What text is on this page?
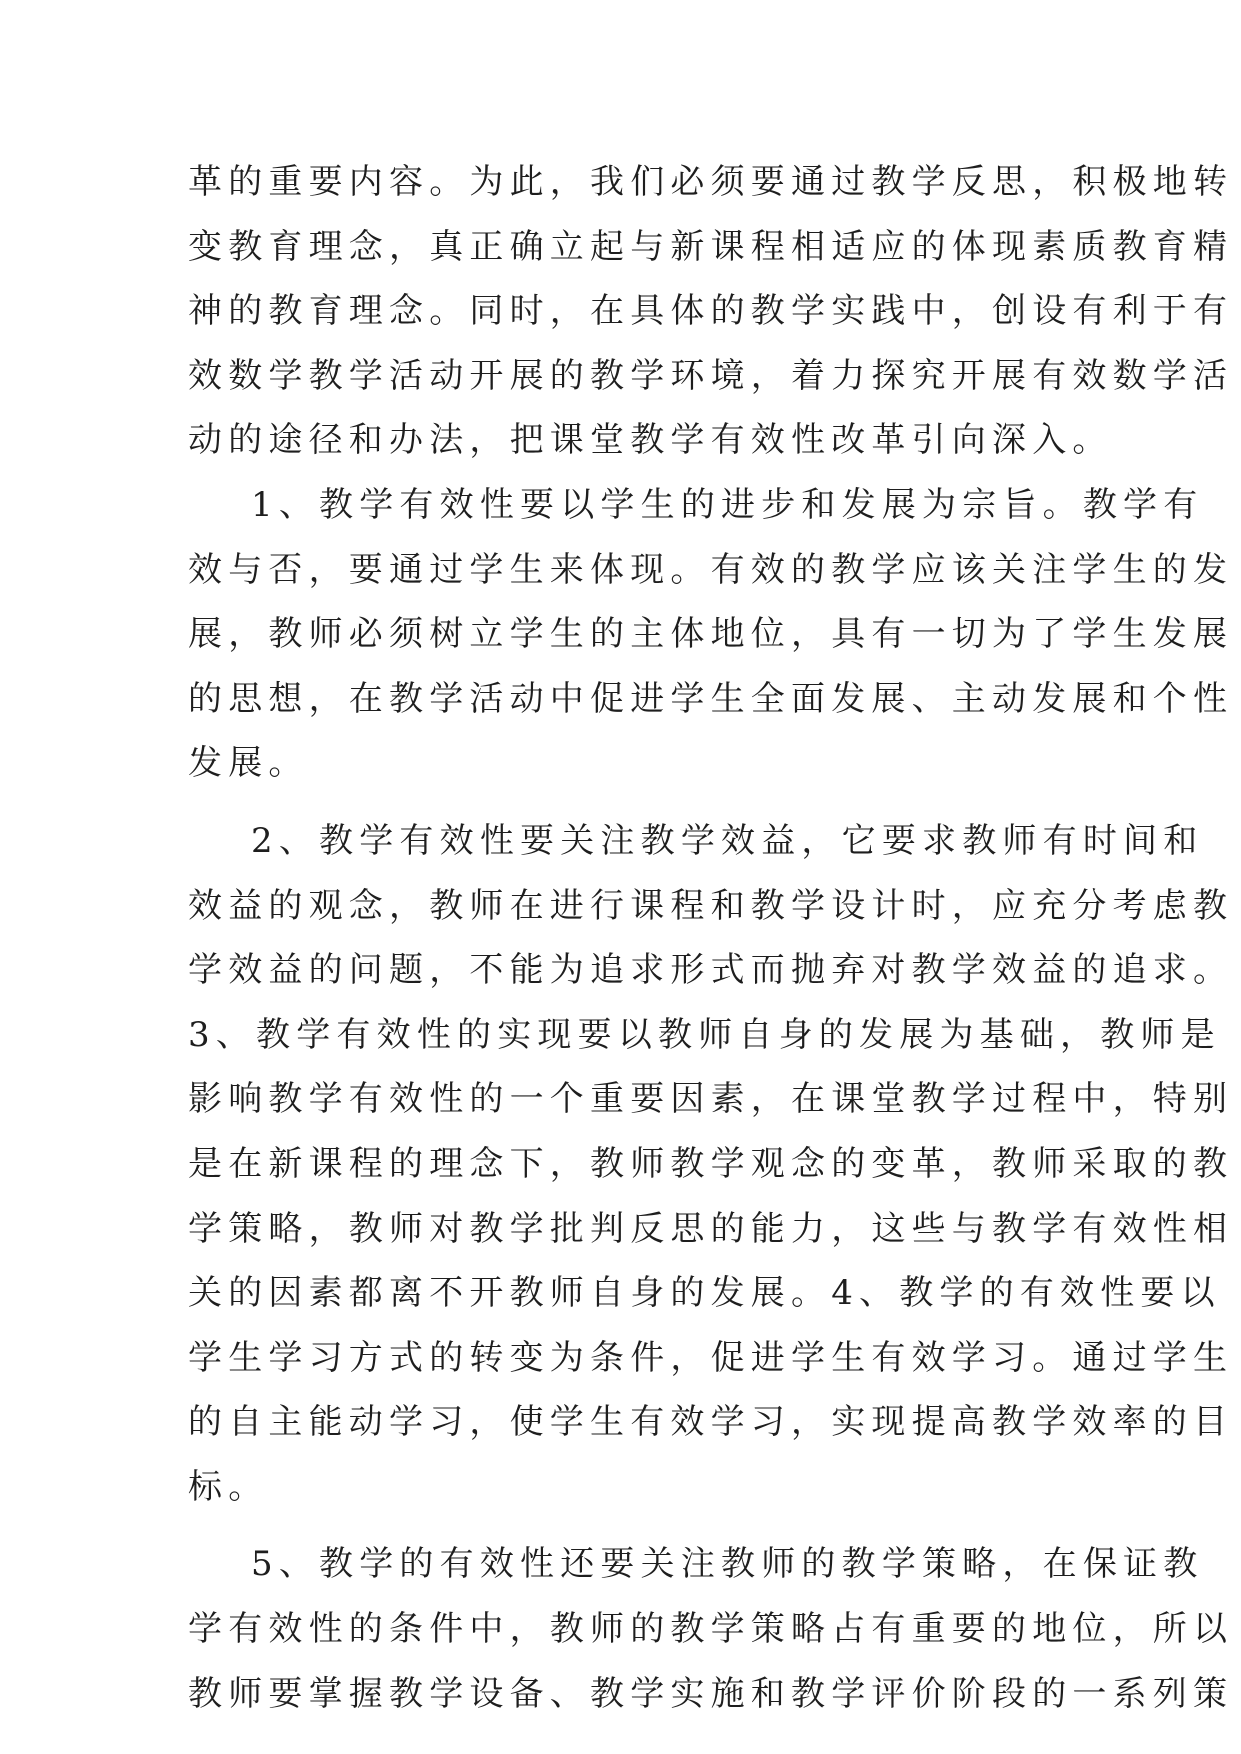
革的重要内容。为此，我们必须要通过教学反思，积极地转
变教育理念，真正确立起与新课程相适应的体现素质教育精
神的教育理念。同时，在具体的教学实践中，创设有利于有
效数学教学活动开展的教学环境，着力探究开展有效数学活
动的途径和办法，把课堂教学有效性改革引向深入。
1、教学有效性要以学生的进步和发展为宗旨。教学有
效与否，要通过学生来体现。有效的教学应该关注学生的发
展，教师必须树立学生的主体地位，具有一切为了学生发展
的思想，在教学活动中促进学生全面发展、主动发展和个性
发展。
2、教学有效性要关注教学效益，它要求教师有时间和
效益的观念，教师在进行课程和教学设计时，应充分考虑教
学效益的问题，不能为追求形式而抛弃对教学效益的追求。
3、教学有效性的实现要以教师自身的发展为基础，教师是
影响教学有效性的一个重要因素，在课堂教学过程中，特别
是在新课程的理念下，教师教学观念的变革，教师采取的教
学策略，教师对教学批判反思的能力，这些与教学有效性相
关的因素都离不开教师自身的发展。4、教学的有效性要以
学生学习方式的转变为条件，促进学生有效学习。通过学生
的自主能动学习，使学生有效学习，实现提高教学效率的目
标。
5、教学的有效性还要关注教师的教学策略，在保证教
学有效性的条件中，教师的教学策略占有重要的地位，所以
教师要掌握教学设备、教学实施和教学评价阶段的一系列策
